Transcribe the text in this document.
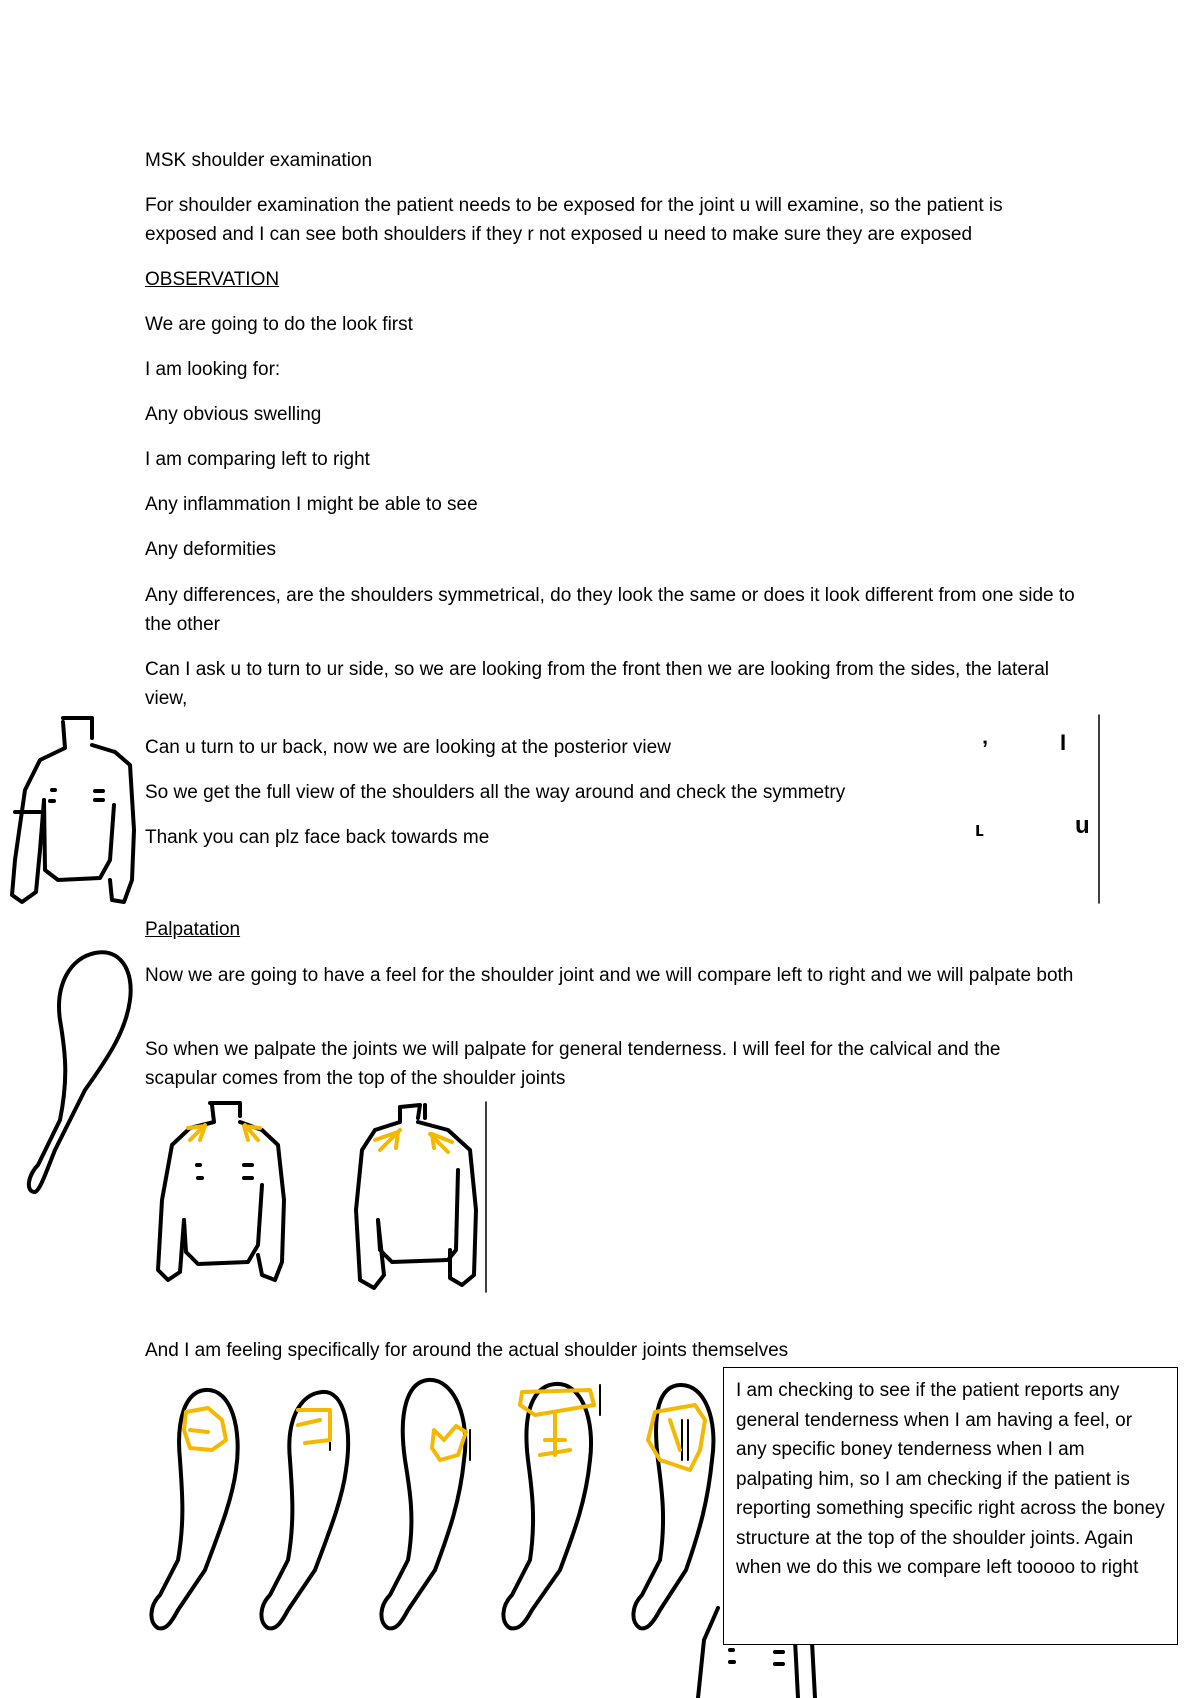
ʼ	Ɩ
ʟ	u

MSK shoulder examination

For shoulder examination the patient needs to be exposed for the joint u will examine, so the patient is exposed and I can see both shoulders if they r not exposed u need to make sure they are exposed

OBSERVATION

We are going to do the look first

I am looking for:

Any obvious swelling

I am comparing left to right

Any inflammation I might be able to see

Any deformities

Any differences, are the shoulders symmetrical, do they look the same or does it look different from one side to the other

Can I ask u to turn to ur side, so we are looking from the front then we are looking from the sides, the lateral view,

Can u turn to ur back, now we are looking at the posterior view

So we get the full view of the shoulders all the way around and check the symmetry

Thank you can plz face back towards me

Palpatation

Now we are going to have a feel for the shoulder joint and we will compare left to right and we will palpate both

So when we palpate the joints we will palpate for general tenderness. I will feel for the calvical and the scapular comes from the top of the shoulder joints

And I am feeling specifically for around the actual shoulder joints themselves

I am checking to see if the patient reports any general tenderness when I am having a feel, or any specific boney tenderness when I am palpating him, so I am checking if the patient is reporting something specific right across the boney structure at the top of the shoulder joints. Again when we do this we compare left tooooo to right
